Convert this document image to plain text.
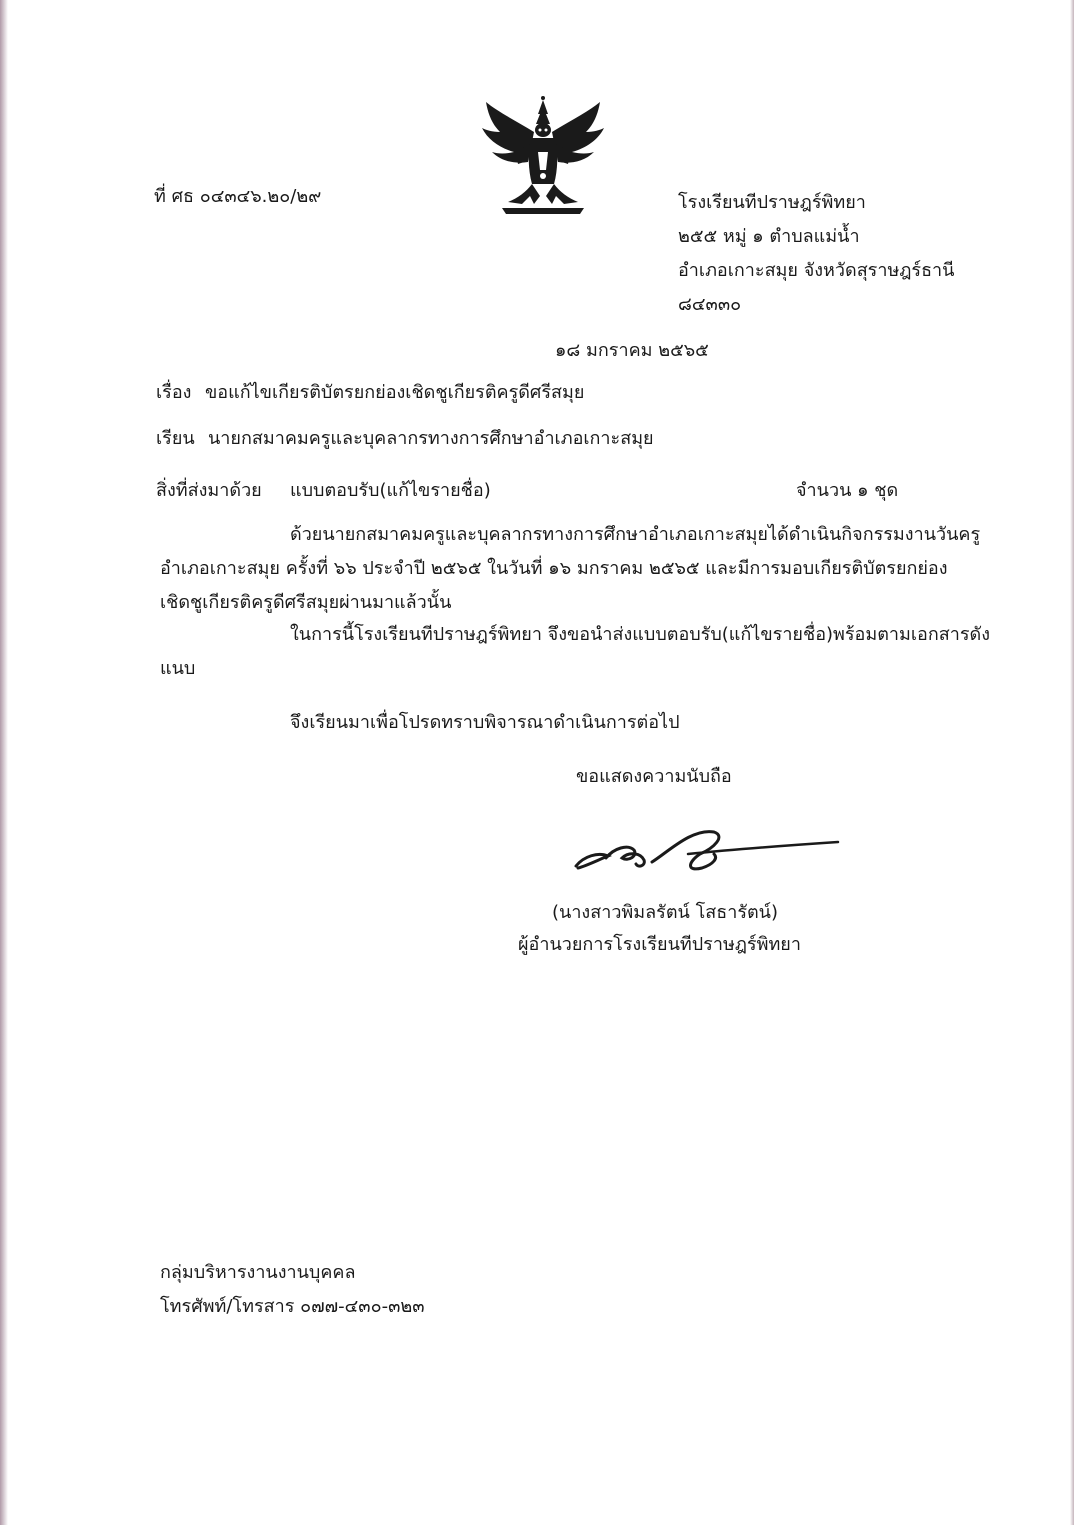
ที่ ศธ ๐๔๓๔๖.๒๐/๒๙	โรงเรียนทีปราษฎร์พิทยา
๒๕๕ หมู่ ๑ ตำบลแม่น้ำ
อำเภอเกาะสมุย จังหวัดสุราษฎร์ธานี
๘๔๓๓๐
๑๘ มกราคม ๒๕๖๕
เรื่อง ขอแก้ไขเกียรติบัตรยกย่องเชิดชูเกียรติครูดีศรีสมุย
เรียน นายกสมาคมครูและบุคลากรทางการศึกษาอำเภอเกาะสมุย
สิ่งที่ส่งมาด้วย แบบตอบรับ(แก้ไขรายชื่อ)	จำนวน ๑ ชุด
ด้วยนายกสมาคมครูและบุคลากรทางการศึกษาอำเภอเกาะสมุยได้ดำเนินกิจกรรมงานวันครู
อำเภอเกาะสมุย ครั้งที่ ๖๖ ประจำปี ๒๕๖๕ ในวันที่ ๑๖ มกราคม ๒๕๖๕ และมีการมอบเกียรติบัตรยกย่อง
เชิดชูเกียรติครูดีศรีสมุยผ่านมาแล้วนั้น
ในการนี้โรงเรียนทีปราษฎร์พิทยา จึงขอนำส่งแบบตอบรับ(แก้ไขรายชื่อ)พร้อมตามเอกสารดัง
แนบ
จึงเรียนมาเพื่อโปรดทราบพิจารณาดำเนินการต่อไป
ขอแสดงความนับถือ
(นางสาวพิมลรัตน์ โสธารัตน์)
ผู้อำนวยการโรงเรียนทีปราษฎร์พิทยา
กลุ่มบริหารงานงานบุคคล
โทรศัพท์/โทรสาร ๐๗๗-๔๓๐-๓๒๓
